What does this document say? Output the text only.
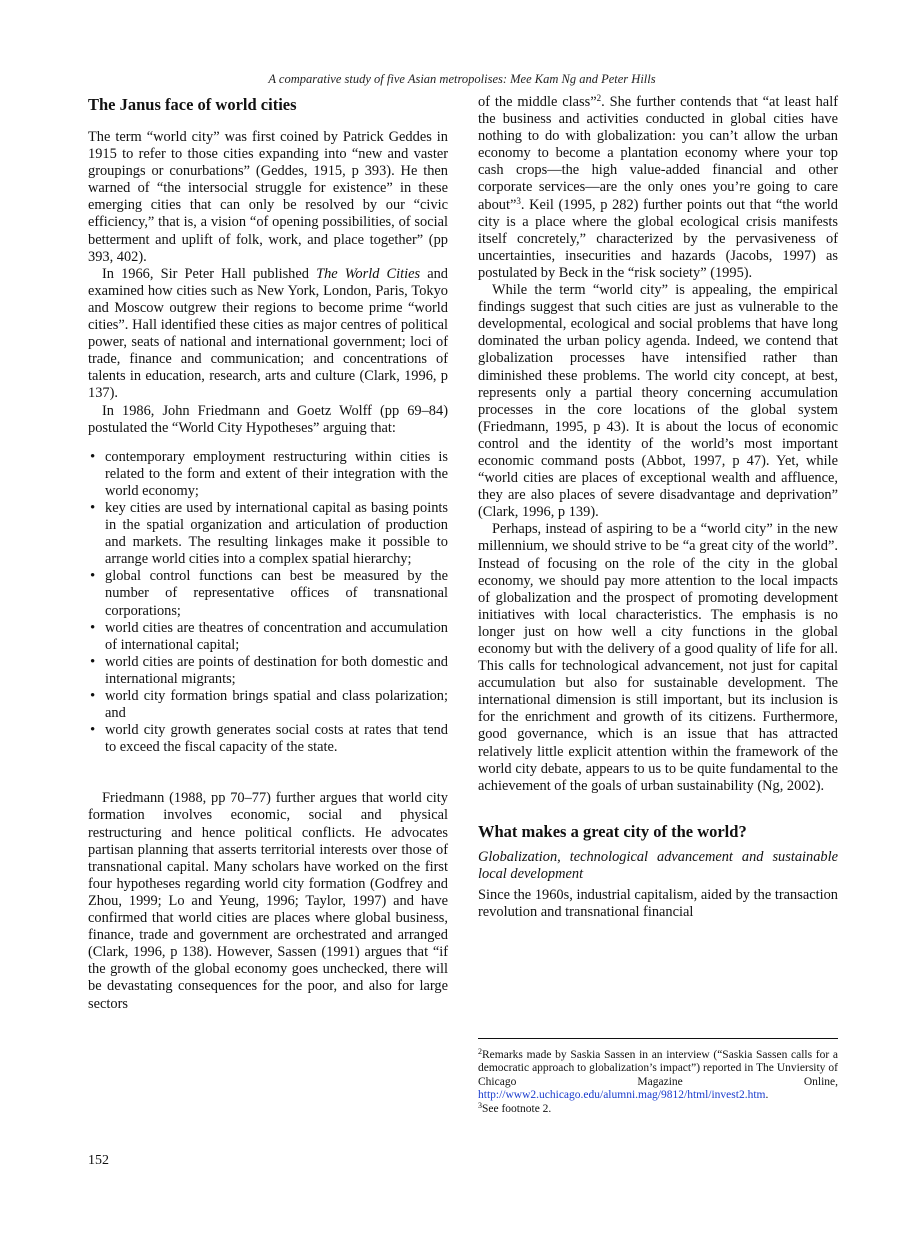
A comparative study of five Asian metropolises: Mee Kam Ng and Peter Hills
The Janus face of world cities

The term “world city” was first coined by Patrick Geddes in 1915 to refer to those cities expanding into “new and vaster groupings or conurbations” (Geddes, 1915, p 393). He then warned of “the intersocial struggle for existence” in these emerging cities that can only be resolved by our “civic efficiency,” that is, a vision “of opening possibilities, of social betterment and uplift of folk, work, and place together” (pp 393, 402).

In 1966, Sir Peter Hall published The World Cities and examined how cities such as New York, London, Paris, Tokyo and Moscow outgrew their regions to become prime “world cities”. Hall identified these cities as major centres of political power, seats of national and international government; loci of trade, finance and communication; and concentrations of talents in education, research, arts and culture (Clark, 1996, p 137).

In 1986, John Friedmann and Goetz Wolff (pp 69–84) postulated the “World City Hypotheses” arguing that:

• contemporary employment restructuring within cities is related to the form and extent of their integration with the world economy;
• key cities are used by international capital as basing points in the spatial organization and articulation of production and markets. The resulting linkages make it possible to arrange world cities into a complex spatial hierarchy;
• global control functions can best be measured by the number of representative offices of transnational corporations;
• world cities are theatres of concentration and accumulation of international capital;
• world cities are points of destination for both domestic and international migrants;
• world city formation brings spatial and class polarization; and
• world city growth generates social costs at rates that tend to exceed the fiscal capacity of the state.

Friedmann (1988, pp 70–77) further argues that world city formation involves economic, social and physical restructuring and hence political conflicts. He advocates partisan planning that asserts territorial interests over those of transnational capital. Many scholars have worked on the first four hypotheses regarding world city formation (Godfrey and Zhou, 1999; Lo and Yeung, 1996; Taylor, 1997) and have confirmed that world cities are places where global business, finance, trade and government are orchestrated and arranged (Clark, 1996, p 138). However, Sassen (1991) argues that “if the growth of the global economy goes unchecked, there will be devastating consequences for the poor, and also for large sectors

of the middle class”$^2$. She further contends that “at least half the business and activities conducted in global cities have nothing to do with globalization: you can’t allow the urban economy to become a plantation economy where your top cash crops—the high value-added financial and other corporate services—are the only ones you’re going to care about”$^3$. Keil (1995, p 282) further points out that “the world city is a place where the global ecological crisis manifests itself concretely,” characterized by the pervasiveness of uncertainties, insecurities and hazards (Jacobs, 1997) as postulated by Beck in the “risk society” (1995).

While the term “world city” is appealing, the empirical findings suggest that such cities are just as vulnerable to the developmental, ecological and social problems that have long dominated the urban policy agenda. Indeed, we contend that globalization processes have intensified rather than diminished these problems. The world city concept, at best, represents only a partial theory concerning accumulation processes in the core locations of the global system (Friedmann, 1995, p 43). It is about the locus of economic control and the identity of the world’s most important economic command posts (Abbot, 1997, p 47). Yet, while “world cities are places of exceptional wealth and affluence, they are also places of severe disadvantage and deprivation” (Clark, 1996, p 139).

Perhaps, instead of aspiring to be a “world city” in the new millennium, we should strive to be “a great city of the world”. Instead of focusing on the role of the city in the global economy, we should pay more attention to the local impacts of globalization and the prospect of promoting development initiatives with local characteristics. The emphasis is no longer just on how well a city functions in the global economy but with the delivery of a good quality of life for all. This calls for technological advancement, not just for capital accumulation but also for sustainable development. The international dimension is still important, but its inclusion is for the enrichment and growth of its citizens. Furthermore, good governance, which is an issue that has attracted relatively little explicit attention within the framework of the world city debate, appears to us to be quite fundamental to the achievement of the goals of urban sustainability (Ng, 2002).

What makes a great city of the world?
Globalization, technological advancement and sustainable local development

Since the 1960s, industrial capitalism, aided by the transaction revolution and transnational financial

$^2$Remarks made by Saskia Sassen in an interview (“Saskia Sassen calls for a democratic approach to globalization’s impact”) reported in The Unviersity of Chicago Magazine Online, http://www2.uchicago.edu/alumni.mag/9812/html/invest2.htm.

$^3$See footnote 2.

152
